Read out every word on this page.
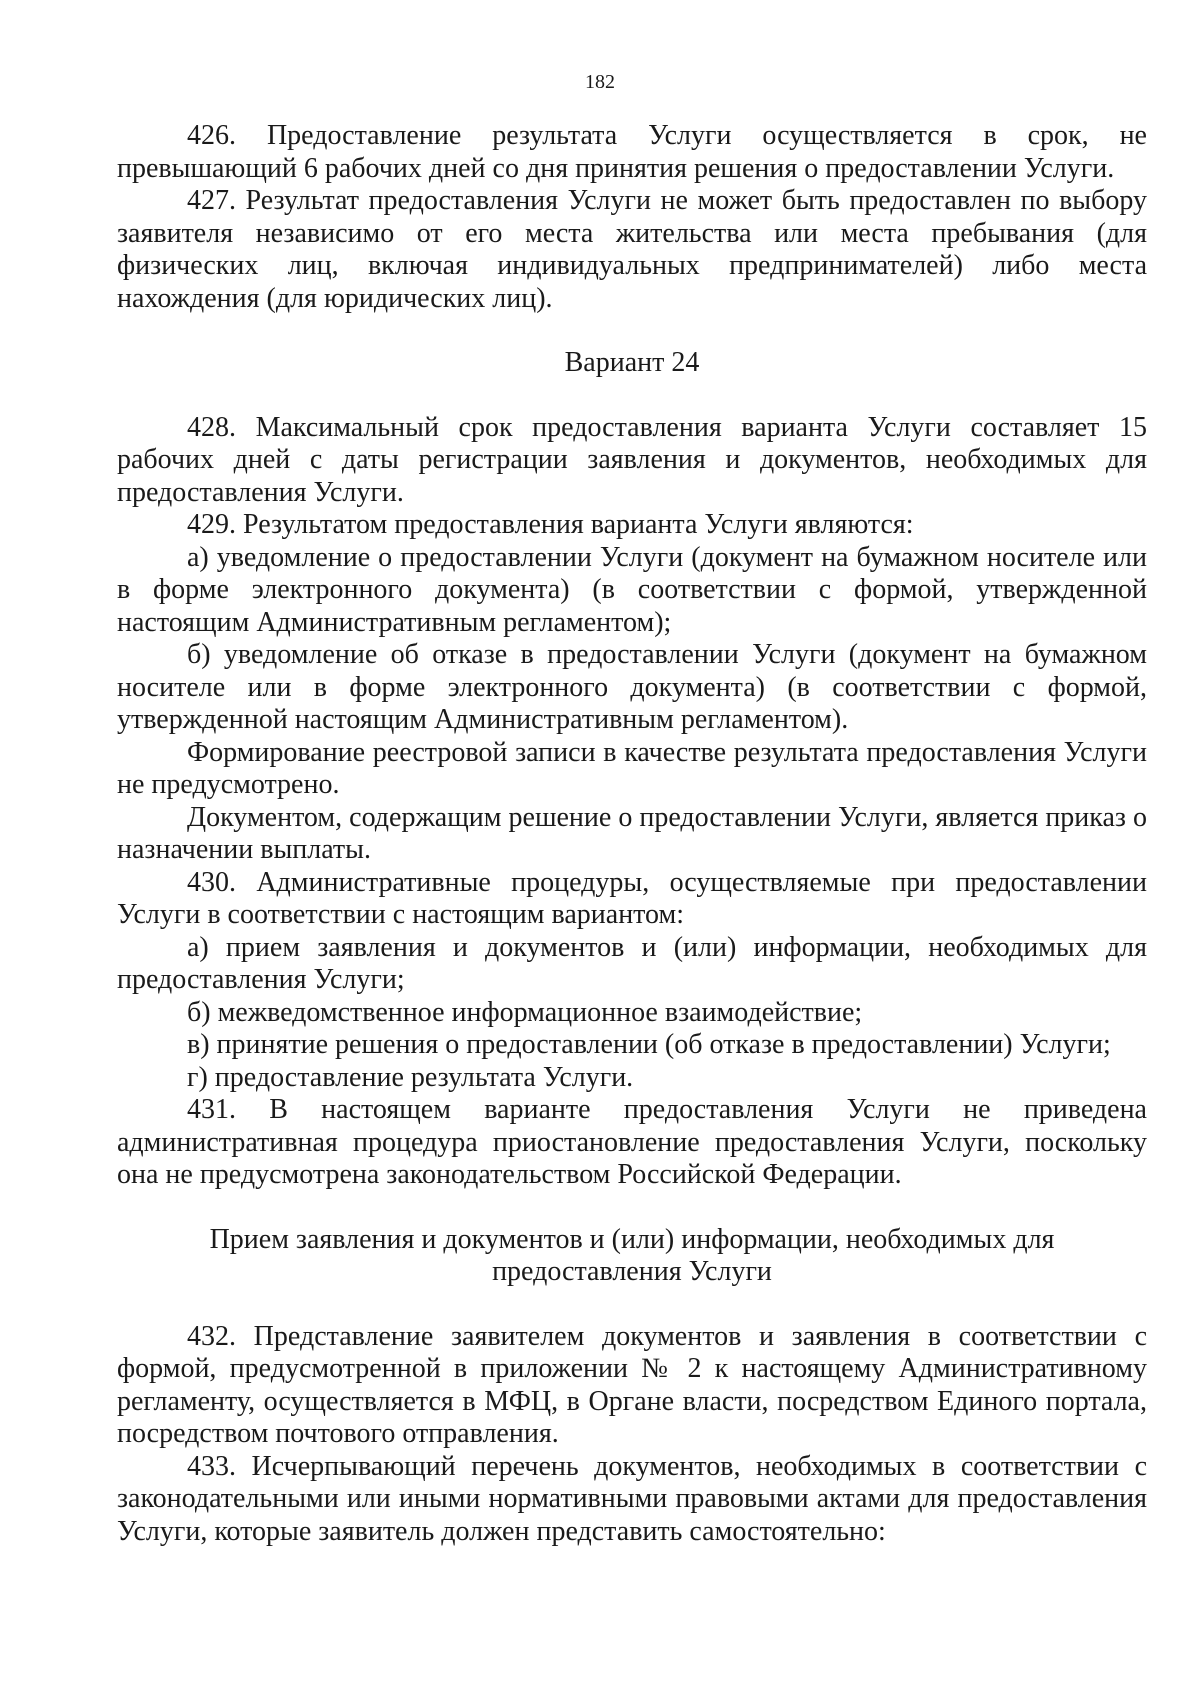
182

426. Предоставление результата Услуги осуществляется в срок, не превышающий 6 рабочих дней со дня принятия решения о предоставлении Услуги.

427. Результат предоставления Услуги не может быть предоставлен по выбору заявителя независимо от его места жительства или места пребывания (для физических лиц, включая индивидуальных предпринимателей) либо места нахождения (для юридических лиц).

Вариант 24

428. Максимальный срок предоставления варианта Услуги составляет 15 рабочих дней с даты регистрации заявления и документов, необходимых для предоставления Услуги.

429. Результатом предоставления варианта Услуги являются:

а) уведомление о предоставлении Услуги (документ на бумажном носителе или в форме электронного документа) (в соответствии с формой, утвержденной настоящим Административным регламентом);

б) уведомление об отказе в предоставлении Услуги (документ на бумажном носителе или в форме электронного документа) (в соответствии с формой, утвержденной настоящим Административным регламентом).

Формирование реестровой записи в качестве результата предоставления Услуги не предусмотрено.

Документом, содержащим решение о предоставлении Услуги, является приказ о назначении выплаты.

430. Административные процедуры, осуществляемые при предоставлении Услуги в соответствии с настоящим вариантом:

а) прием заявления и документов и (или) информации, необходимых для предоставления Услуги;

б) межведомственное информационное взаимодействие;

в) принятие решения о предоставлении (об отказе в предоставлении) Услуги;

г) предоставление результата Услуги.

431. В настоящем варианте предоставления Услуги не приведена административная процедура приостановление предоставления Услуги, поскольку она не предусмотрена законодательством Российской Федерации.

Прием заявления и документов и (или) информации, необходимых для предоставления Услуги

432. Представление заявителем документов и заявления в соответствии с формой, предусмотренной в приложении № 2 к настоящему Административному регламенту, осуществляется в МФЦ, в Органе власти, посредством Единого портала, посредством почтового отправления.

433. Исчерпывающий перечень документов, необходимых в соответствии с законодательными или иными нормативными правовыми актами для предоставления Услуги, которые заявитель должен представить самостоятельно:
